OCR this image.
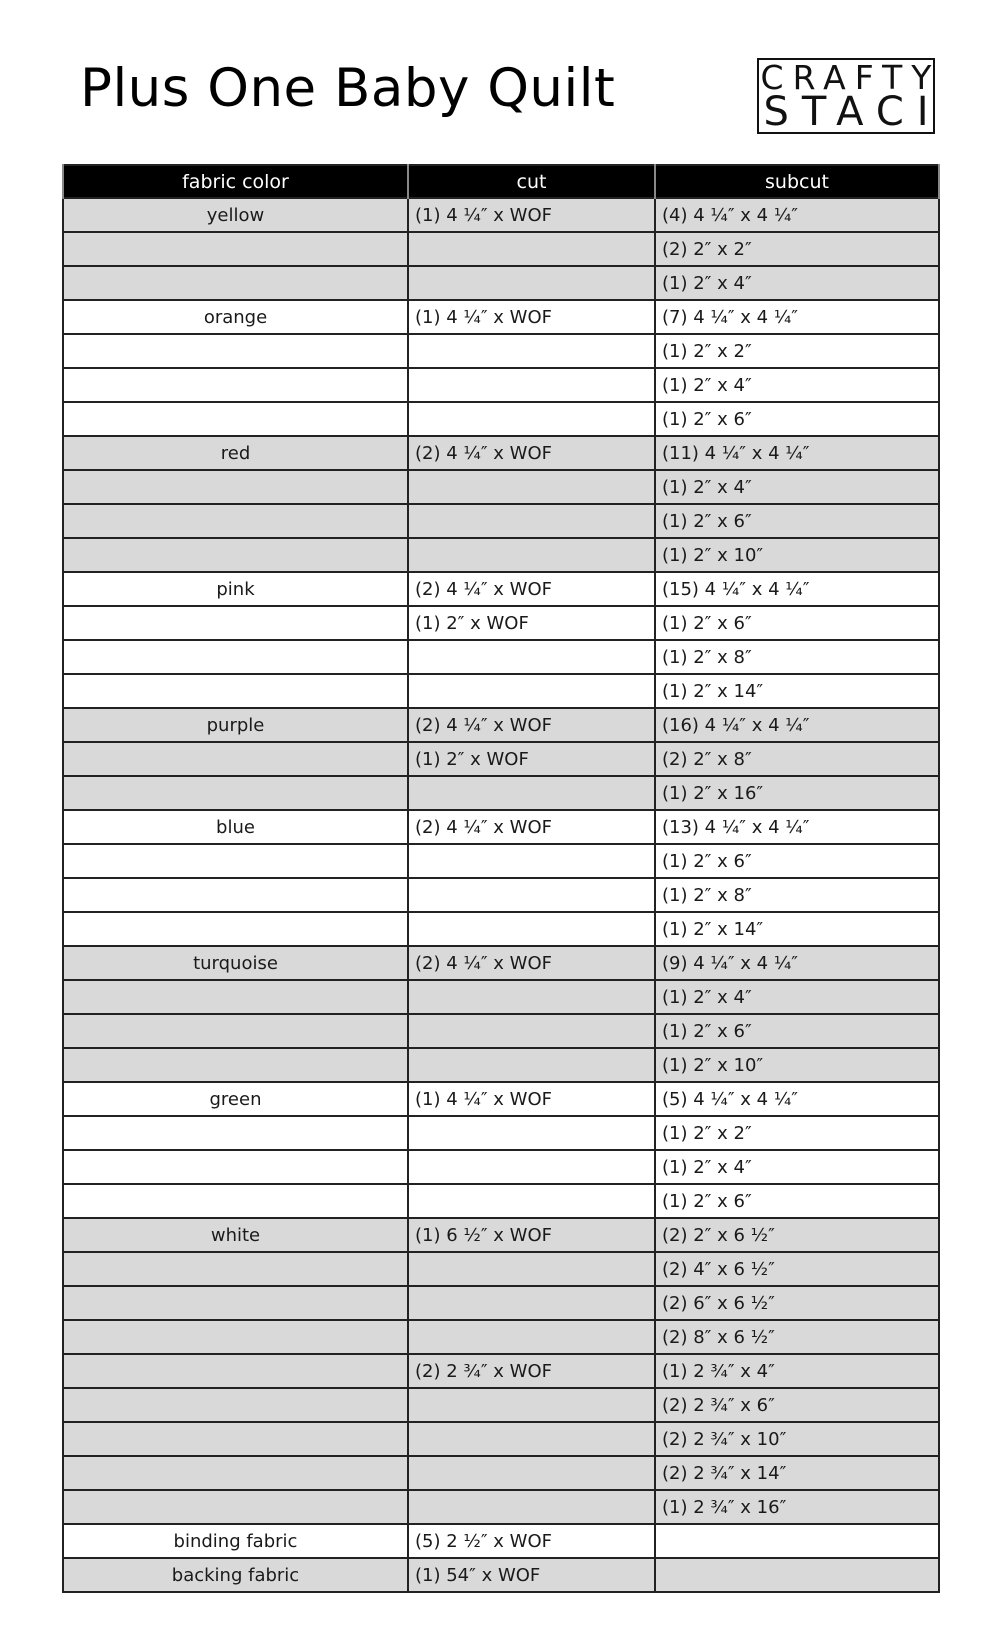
Plus One Baby Quilt	CRAFTY
STACI
fabric color	cut	subcut
yellow	(1) 4 ¼″ x WOF	(4) 4 ¼″ x 4 ¼″
		(2) 2″ x 2″
		(1) 2″ x 4″
orange	(1) 4 ¼″ x WOF	(7) 4 ¼″ x 4 ¼″
		(1) 2″ x 2″
		(1) 2″ x 4″
		(1) 2″ x 6″
red	(2) 4 ¼″ x WOF	(11) 4 ¼″ x 4 ¼″
		(1) 2″ x 4″
		(1) 2″ x 6″
		(1) 2″ x 10″
pink	(2) 4 ¼″ x WOF	(15) 4 ¼″ x 4 ¼″
	(1) 2″ x WOF	(1) 2″ x 6″
		(1) 2″ x 8″
		(1) 2″ x 14″
purple	(2) 4 ¼″ x WOF	(16) 4 ¼″ x 4 ¼″
	(1) 2″ x WOF	(2) 2″ x 8″
		(1) 2″ x 16″
blue	(2) 4 ¼″ x WOF	(13) 4 ¼″ x 4 ¼″
		(1) 2″ x 6″
		(1) 2″ x 8″
		(1) 2″ x 14″
turquoise	(2) 4 ¼″ x WOF	(9) 4 ¼″ x 4 ¼″
		(1) 2″ x 4″
		(1) 2″ x 6″
		(1) 2″ x 10″
green	(1) 4 ¼″ x WOF	(5) 4 ¼″ x 4 ¼″
		(1) 2″ x 2″
		(1) 2″ x 4″
		(1) 2″ x 6″
white	(1) 6 ½″ x WOF	(2) 2″ x 6 ½″
		(2) 4″ x 6 ½″
		(2) 6″ x 6 ½″
		(2) 8″ x 6 ½″
	(2) 2 ¾″ x WOF	(1) 2 ¾″ x 4″
		(2) 2 ¾″ x 6″
		(2) 2 ¾″ x 10″
		(2) 2 ¾″ x 14″
		(1) 2 ¾″ x 16″
binding fabric	(5) 2 ½″ x WOF	
backing fabric	(1) 54″ x WOF	
